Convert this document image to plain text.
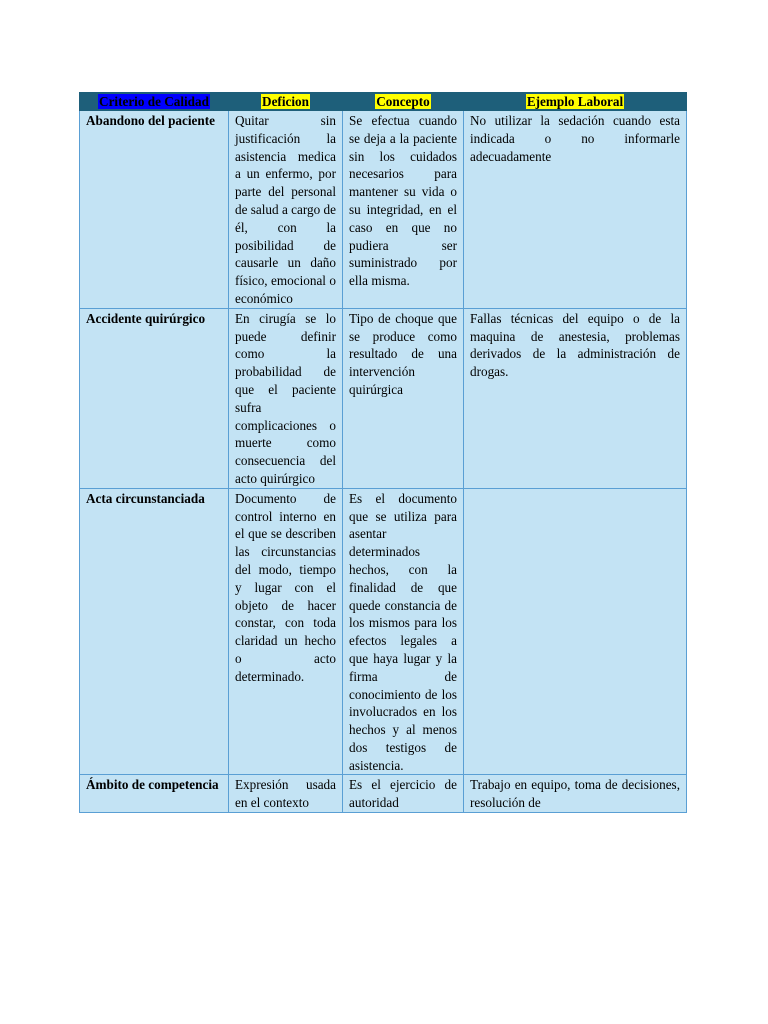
Criterio de Calidad	Deficion	Concepto	Ejemplo Laboral
Abandono del paciente	Quitar sin justificación la asistencia medica a un enfermo, por parte del personal de salud a cargo de él, con la posibilidad de causarle un daño físico, emocional o económico	Se efectua cuando se deja a la paciente sin los cuidados necesarios para mantener su vida o su integridad, en el caso en que no pudiera ser suministrado por ella misma.	No utilizar la sedación cuando esta indicada o no informarle adecuadamente
Accidente quirúrgico	En cirugía se lo puede definir como la probabilidad de que el paciente sufra complicaciones o muerte como consecuencia del acto quirúrgico	Tipo de choque que se produce como resultado de una intervención quirúrgica	Fallas técnicas del equipo o de la maquina de anestesia, problemas derivados de la administración de drogas.
Acta circunstanciada	Documento de control interno en el que se describen las circunstancias del modo, tiempo y lugar con el objeto de hacer constar, con toda claridad un hecho o acto determinado.	Es el documento que se utiliza para asentar determinados hechos, con la finalidad de que quede constancia de los mismos para los efectos legales a que haya lugar y la firma de conocimiento de los involucrados en los hechos y al menos dos testigos de asistencia.	
Ámbito de competencia	Expresión usada en el contexto	Es el ejercicio de autoridad	Trabajo en equipo, toma de decisiones, resolución de
